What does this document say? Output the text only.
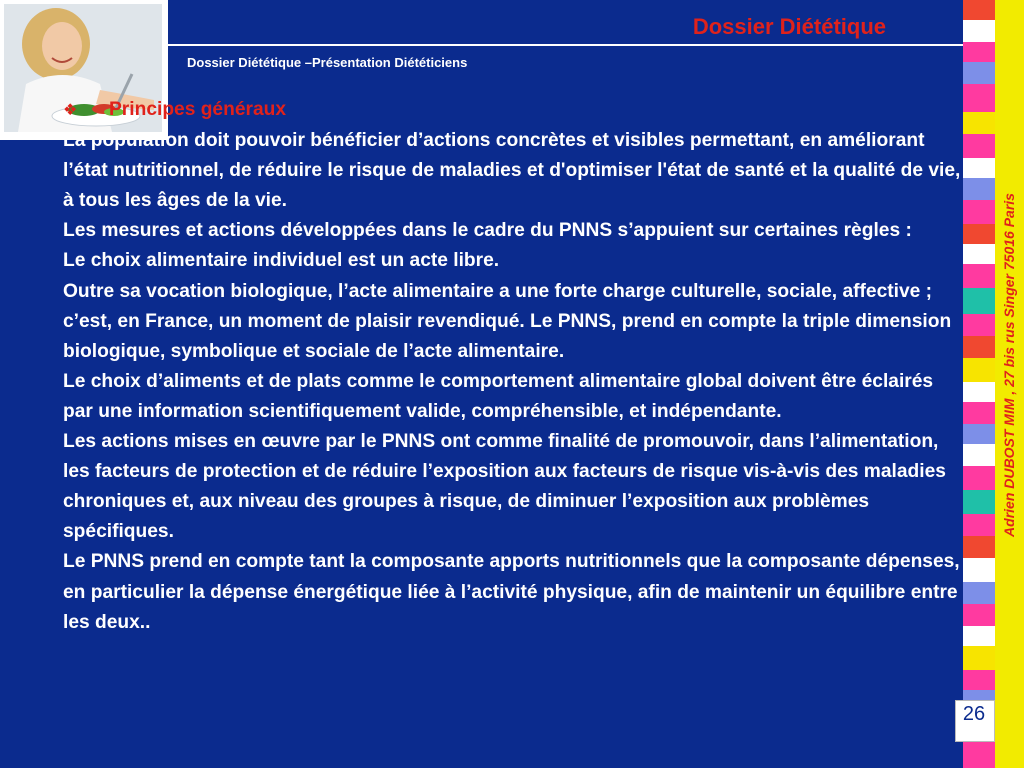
Dossier Diététique
Dossier Diététique –Présentation Diététiciens
❖ Principes généraux

La population doit pouvoir bénéficier d’actions concrètes et visibles permettant, en améliorant l’état nutritionnel, de réduire le risque de maladies et d'optimiser l'état de santé et la qualité de vie, à tous les âges de la vie.

Les mesures et actions développées dans le cadre du PNNS s’appuient sur certaines règles :

Le choix alimentaire individuel est un acte libre.

Outre sa vocation biologique, l’acte alimentaire a une forte charge culturelle, sociale, affective ; c’est, en France, un moment de plaisir revendiqué. Le PNNS, prend en compte la triple dimension biologique, symbolique et sociale de l’acte alimentaire.

Le choix d’aliments et de plats comme le comportement alimentaire global doivent être éclairés par une information scientifiquement valide, compréhensible, et indépendante.

Les actions mises en œuvre par le PNNS ont comme finalité de promouvoir, dans l’alimentation, les facteurs de protection et de réduire l’exposition aux facteurs de risque vis-à-vis des maladies chroniques et, aux niveau des groupes à risque, de diminuer l’exposition aux problèmes spécifiques.

Le PNNS prend en compte tant la composante apports nutritionnels que la composante dépenses, en particulier la dépense énergétique liée à l’activité physique, afin de maintenir un équilibre entre les deux..

Adrien DUBOST MIM , 27 bis rus Singer 75016 Paris
26
